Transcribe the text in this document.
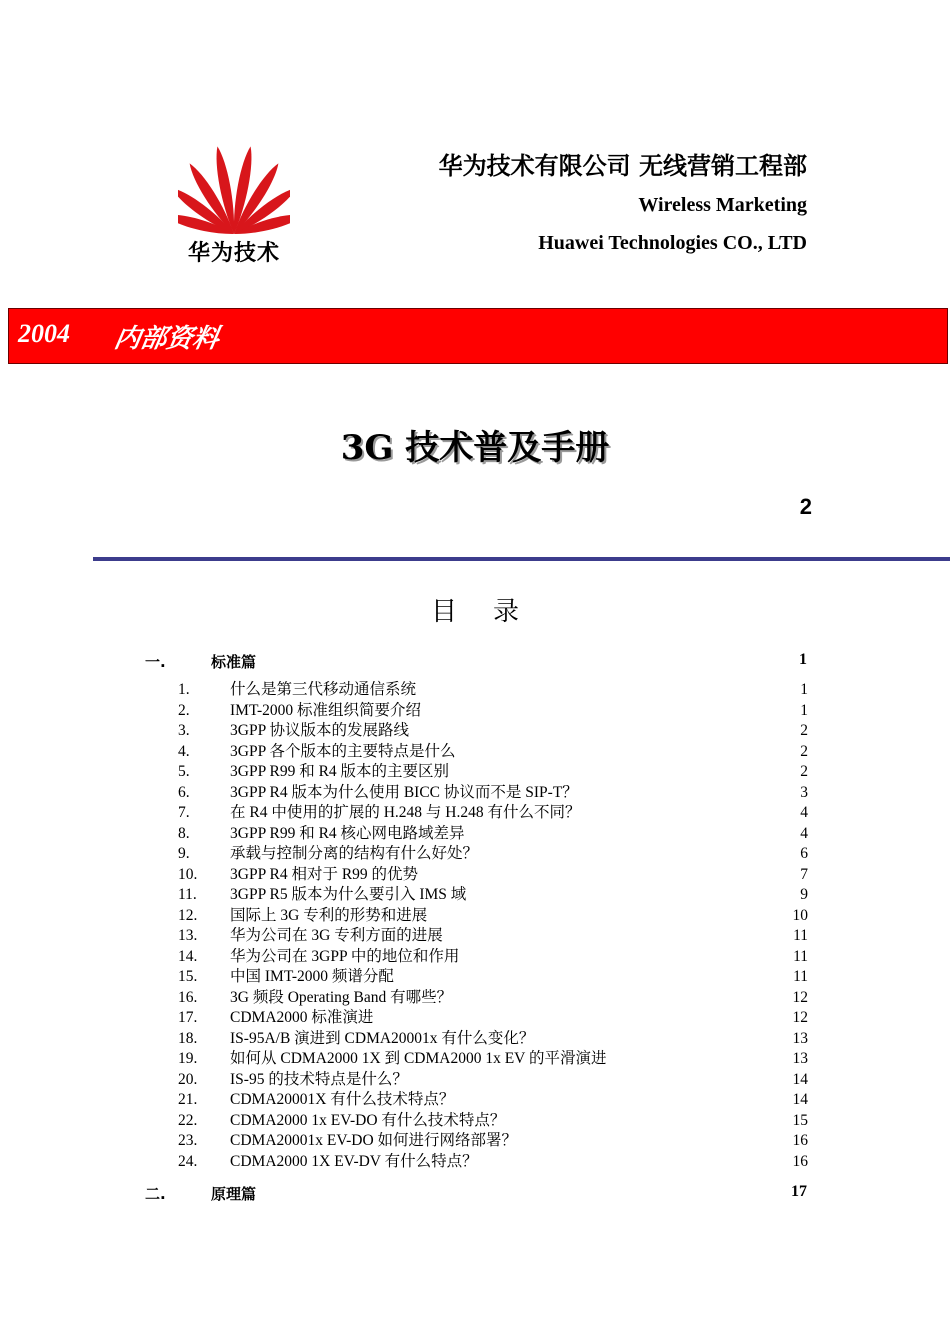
华为技术
华为技术有限公司 无线营销工程部
Wireless Marketing
Huawei Technologies CO., LTD
2004 内部资料
3G 技术普及手册
2
目 录
一.	标准篇	1
1.	什么是第三代移动通信系统	1
2.	IMT-2000 标准组织简要介绍	1
3.	3GPP 协议版本的发展路线	2
4.	3GPP 各个版本的主要特点是什么	2
5.	3GPP R99 和 R4 版本的主要区别	2
6.	3GPP R4 版本为什么使用 BICC 协议而不是 SIP-T？	3
7.	在 R4 中使用的扩展的 H.248 与 H.248 有什么不同？	4
8.	3GPP R99 和 R4 核心网电路域差异	4
9.	承载与控制分离的结构有什么好处？	6
10. 3GPP R4 相对于 R99 的优势	7
11. 3GPP R5 版本为什么要引入 IMS 域	9
12. 国际上 3G 专利的形势和进展	10
13. 华为公司在 3G 专利方面的进展	11
14. 华为公司在 3GPP 中的地位和作用	11
15. 中国 IMT-2000 频谱分配	11
16. 3G 频段 Operating Band 有哪些？	12
17. CDMA2000 标准演进	12
18. IS-95A/B 演进到 CDMA20001x 有什么变化？	13
19. 如何从 CDMA2000 1X 到 CDMA2000 1x EV 的平滑演进	13
20. IS-95 的技术特点是什么？	14
21. CDMA20001X 有什么技术特点？	14
22. CDMA2000 1x EV-DO 有什么技术特点？	15
23. CDMA20001x EV-DO 如何进行网络部署？	16
24. CDMA2000 1X EV-DV 有什么特点？	16
二.	原理篇	17
